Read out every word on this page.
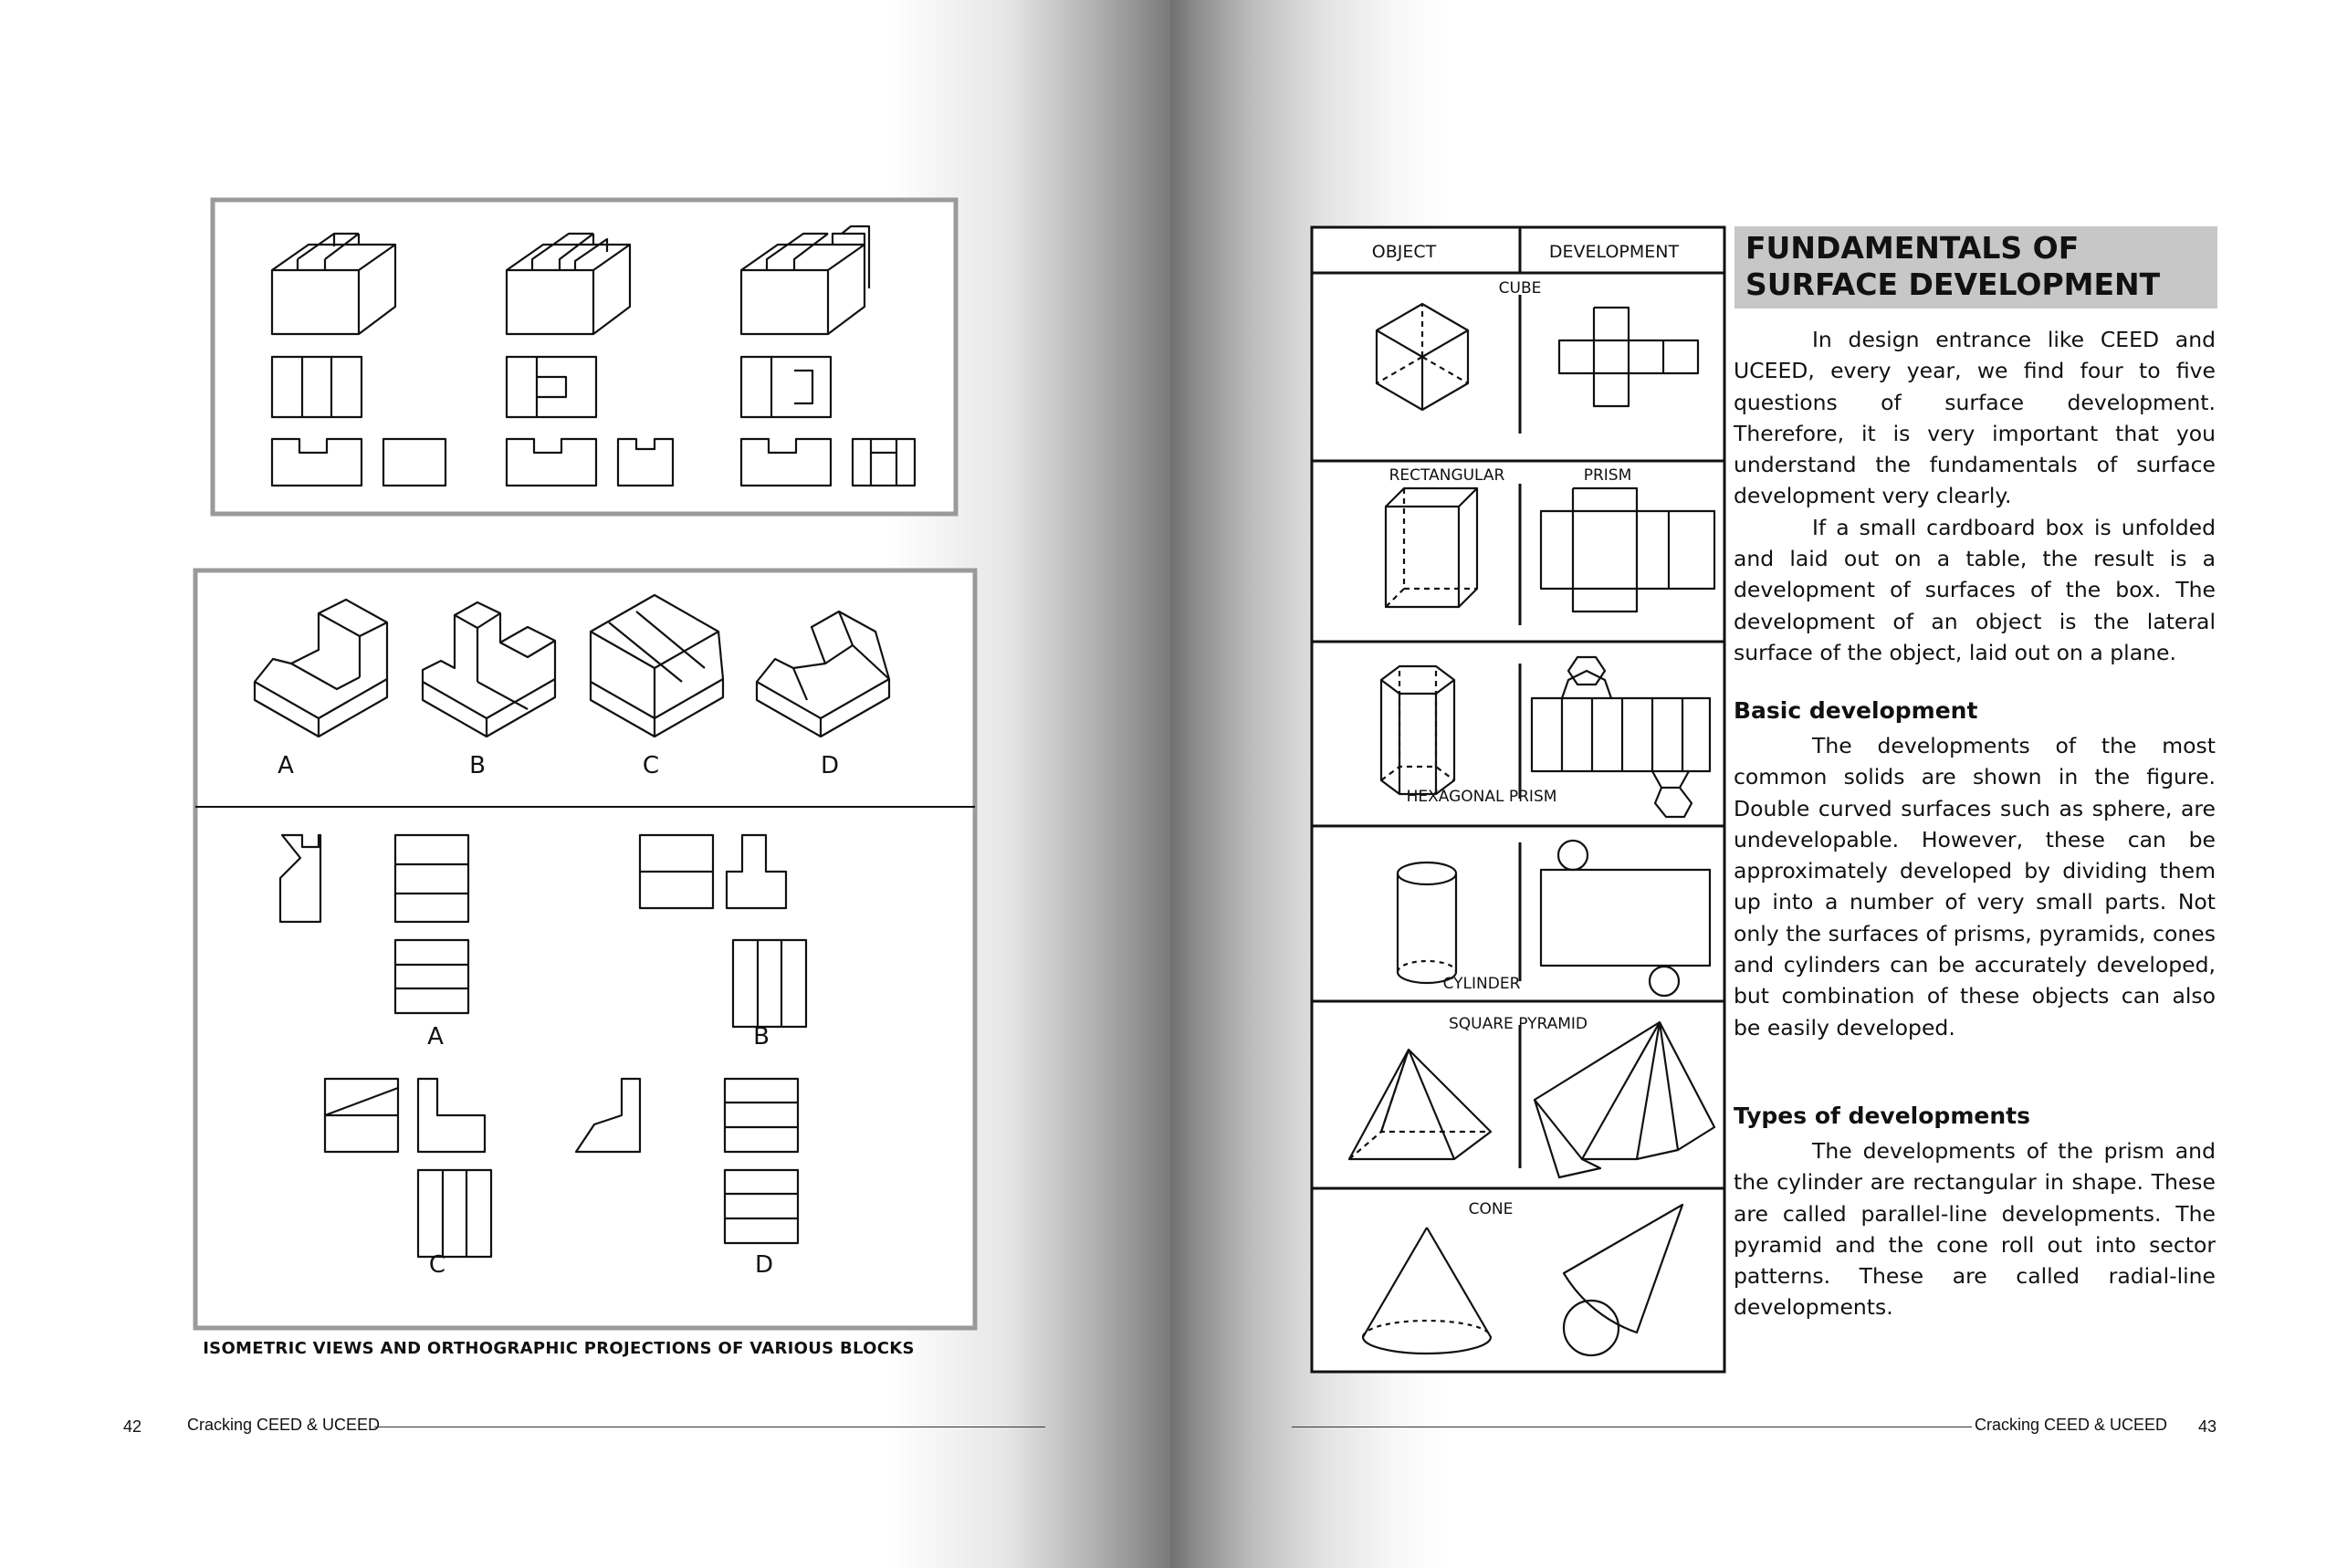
A	B	C	D
A	B
C	D
ISOMETRIC VIEWS AND ORTHOGRAPHIC PROJECTIONS OF VARIOUS BLOCKS
42	Cracking CEED & UCEED
OBJECT	DEVELOPMENT
CUBE
RECTANGULAR	PRISM
HEXAGONAL PRISM
CYLINDER
SQUARE PYRAMID
CONE
FUNDAMENTALS OF
SURFACE DEVELOPMENT

In design entrance like CEED and UCEED, every year, we find four to five questions of surface development. Therefore, it is very important that you understand the fundamentals of surface development very clearly.

If a small cardboard box is unfolded and laid out on a table, the result is a development of surfaces of the box. The development of an object is the lateral surface of the object, laid out on a plane.

Basic development

The developments of the most common solids are shown in the figure. Double curved surfaces such as sphere, are undevelopable. However, these can be approximately developed by dividing them up into a number of very small parts. Not only the surfaces of prisms, pyramids, cones and cylinders can be accurately developed, but combination of these objects can also be easily developed.

Types of developments

The developments of the prism and the cylinder are rectangular in shape. These are called parallel-line developments. The pyramid and the cone roll out into sector patterns. These are called radial-line developments.

Cracking CEED & UCEED 43
